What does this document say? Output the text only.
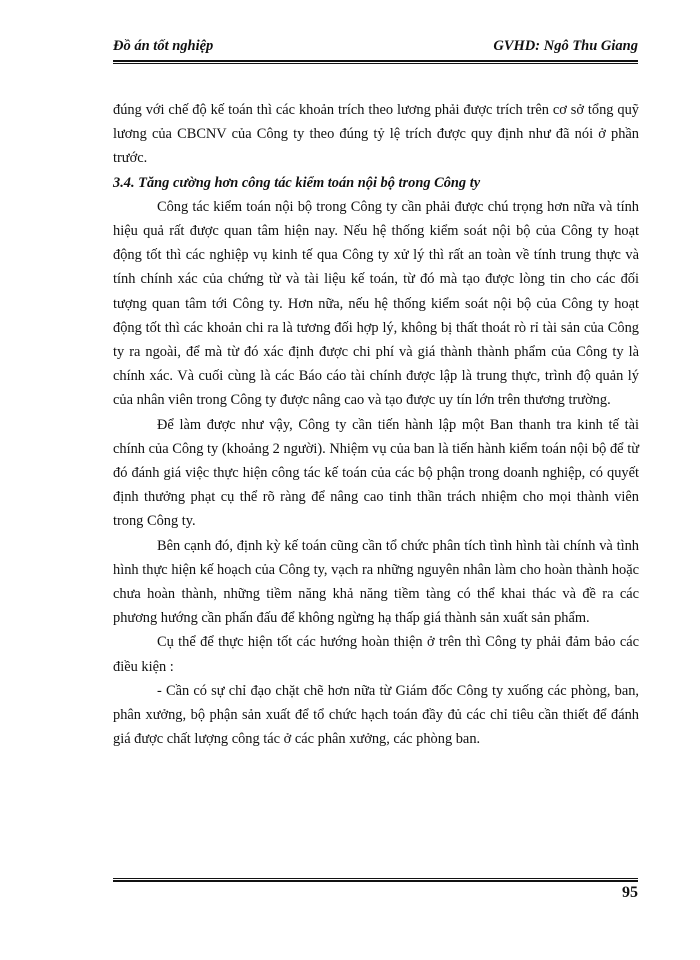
Đồ án tốt nghiệp	GVHD: Ngô Thu Giang

đúng với chế độ kế toán thì các khoản trích theo lương phải được trích trên cơ sở tổng quỹ lương của CBCNV của Công ty theo đúng tỷ lệ trích được quy định như đã nói ở phần trước.

3.4. Tăng cường hơn công tác kiểm toán nội bộ trong Công ty

Công tác kiểm toán nội bộ trong Công ty cần phải được chú trọng hơn nữa và tính hiệu quả rất được quan tâm hiện nay. Nếu hệ thống kiểm soát nội bộ của Công ty hoạt động tốt thì các nghiệp vụ kinh tế qua Công ty xử lý thì rất an toàn về tính trung thực và tính chính xác của chứng từ và tài liệu kế toán, từ đó mà tạo được lòng tin cho các đối tượng quan tâm tới Công ty. Hơn nữa, nếu hệ thống kiểm soát nội bộ của Công ty hoạt động tốt thì các khoản chi ra là tương đối hợp lý, không bị thất thoát rò rỉ tài sản của Công ty ra ngoài, để mà từ đó xác định được chi phí và giá thành thành phẩm của Công ty là chính xác. Và cuối cùng là các Báo cáo tài chính được lập là trung thực, trình độ quản lý của nhân viên trong Công ty được nâng cao và tạo được uy tín lớn trên thương trường.

Để làm được như vậy, Công ty cần tiến hành lập một Ban thanh tra kinh tế tài chính của Công ty (khoảng 2 người). Nhiệm vụ của ban là tiến hành kiểm toán nội bộ để từ đó đánh giá việc thực hiện công tác kế toán của các bộ phận trong doanh nghiệp, có quyết định thưởng phạt cụ thể rõ ràng để nâng cao tinh thần trách nhiệm cho mọi thành viên trong Công ty.

Bên cạnh đó, định kỳ kế toán cũng cần tổ chức phân tích tình hình tài chính và tình hình thực hiện kế hoạch của Công ty, vạch ra những nguyên nhân làm cho hoàn thành hoặc chưa hoàn thành, những tiềm năng khả năng tiềm tàng có thể khai thác và đề ra các phương hướng cần phấn đấu để không ngừng hạ thấp giá thành sản xuất sản phẩm.

Cụ thể để thực hiện tốt các hướng hoàn thiện ở trên thì Công ty phải đảm bảo các điều kiện :

- Cần có sự chỉ đạo chặt chẽ hơn nữa từ Giám đốc Công ty xuống các phòng, ban, phân xưởng, bộ phận sản xuất để tổ chức hạch toán đầy đủ các chỉ tiêu cần thiết để đánh giá được chất lượng công tác ở các phân xưởng, các phòng ban.

95
